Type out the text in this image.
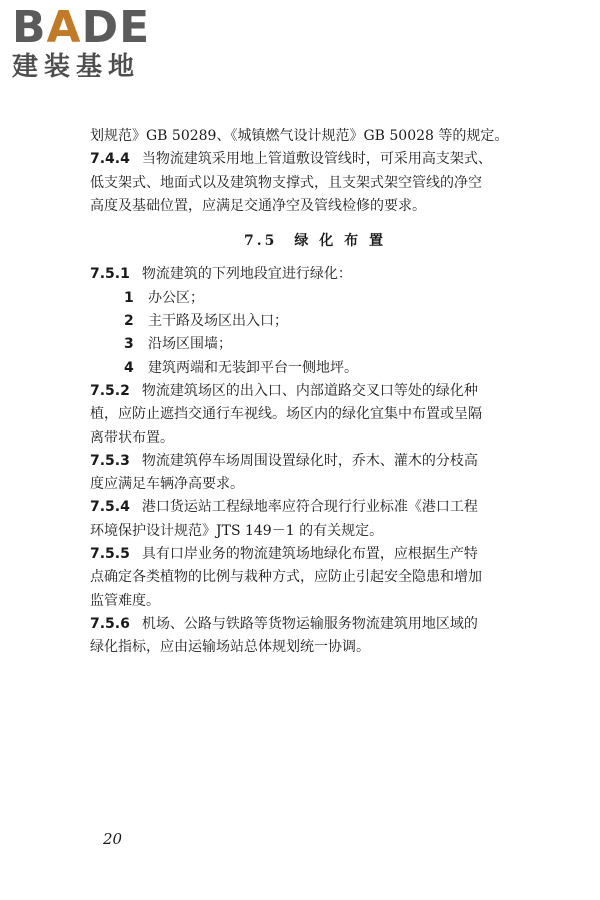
BADE
建装基地
划规范》GB 50289、《城镇燃气设计规范》GB 50028 等的规定。
7.4.4 当物流建筑采用地上管道敷设管线时，可采用高支架式、
低支架式、地面式以及建筑物支撑式，且支架式架空管线的净空
高度及基础位置，应满足交通净空及管线检修的要求。
7.5　绿 化 布 置
7.5.1 物流建筑的下列地段宜进行绿化：
1 办公区；
2 主干路及场区出入口；
3 沿场区围墙；
4 建筑两端和无装卸平台一侧地坪。
7.5.2 物流建筑场区的出入口、内部道路交叉口等处的绿化种
植，应防止遮挡交通行车视线。场区内的绿化宜集中布置或呈隔
离带状布置。
7.5.3 物流建筑停车场周围设置绿化时，乔木、灌木的分枝高
度应满足车辆净高要求。
7.5.4 港口货运站工程绿地率应符合现行行业标准《港口工程
环境保护设计规范》JTS 149－1 的有关规定。
7.5.5 具有口岸业务的物流建筑场地绿化布置，应根据生产特
点确定各类植物的比例与栽种方式，应防止引起安全隐患和增加
监管难度。
7.5.6 机场、公路与铁路等货物运输服务物流建筑用地区域的
绿化指标，应由运输场站总体规划统一协调。
20
